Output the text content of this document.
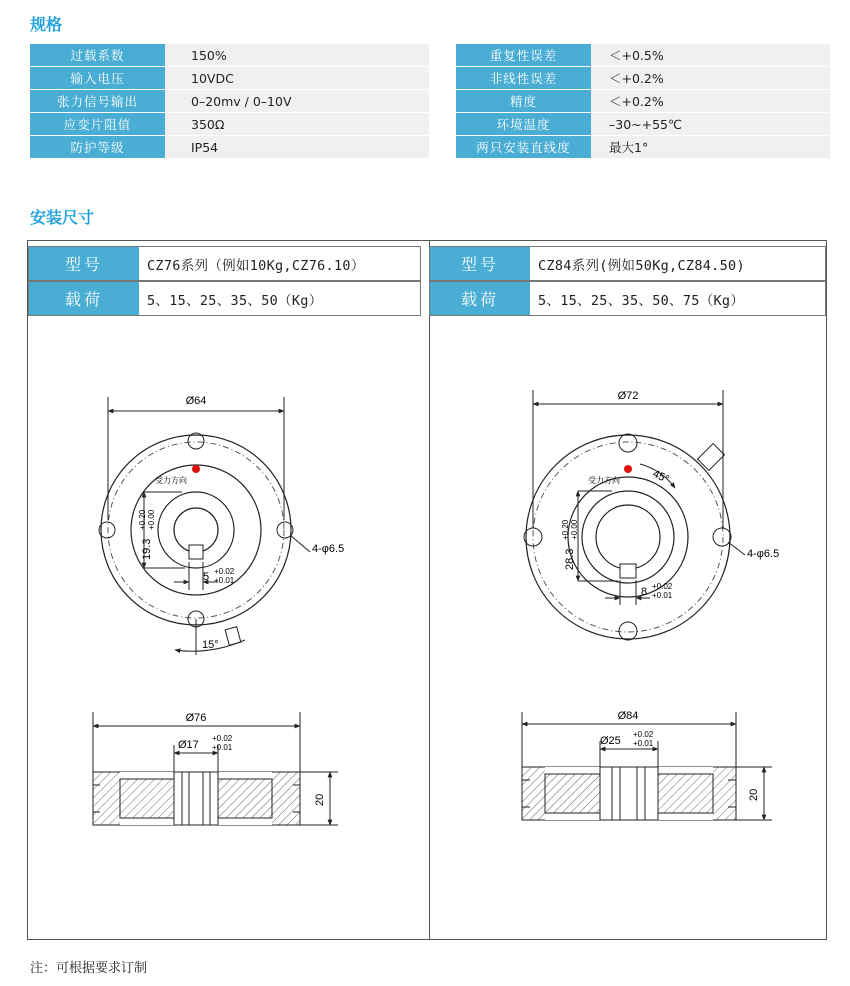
规格
过载系数	150%		重复性误差	＜+0.5%
输入电压	10VDC		非线性误差	＜+0.2%
张力信号输出	0–20mv / 0–10V		精度	＜+0.2%
应变片阻值	350Ω		环境温度	–30~+55℃
防护等级	IP54		两只安装直线度	最大1°
安装尺寸
型号	CZ76系列（例如10Kg,CZ76.10）
载荷	5、15、25、35、50（Kg）
型号	CZ84系列(例如50Kg,CZ84.50)
载荷	5、15、25、35、50、75（Kg）
Ø64
受力方向
19.3
+0.20 +0.00
5 +0.02
+0.01
4-φ6.5
15°
Ø76
Ø17
+0.02
+0.01
20
Ø72
受力方向	45°
28.3
+0.20 +0.00
8 +0.02
+0.01
4-φ6.5
Ø84
Ø25
+0.02
+0.01
20
注：可根据要求订制
